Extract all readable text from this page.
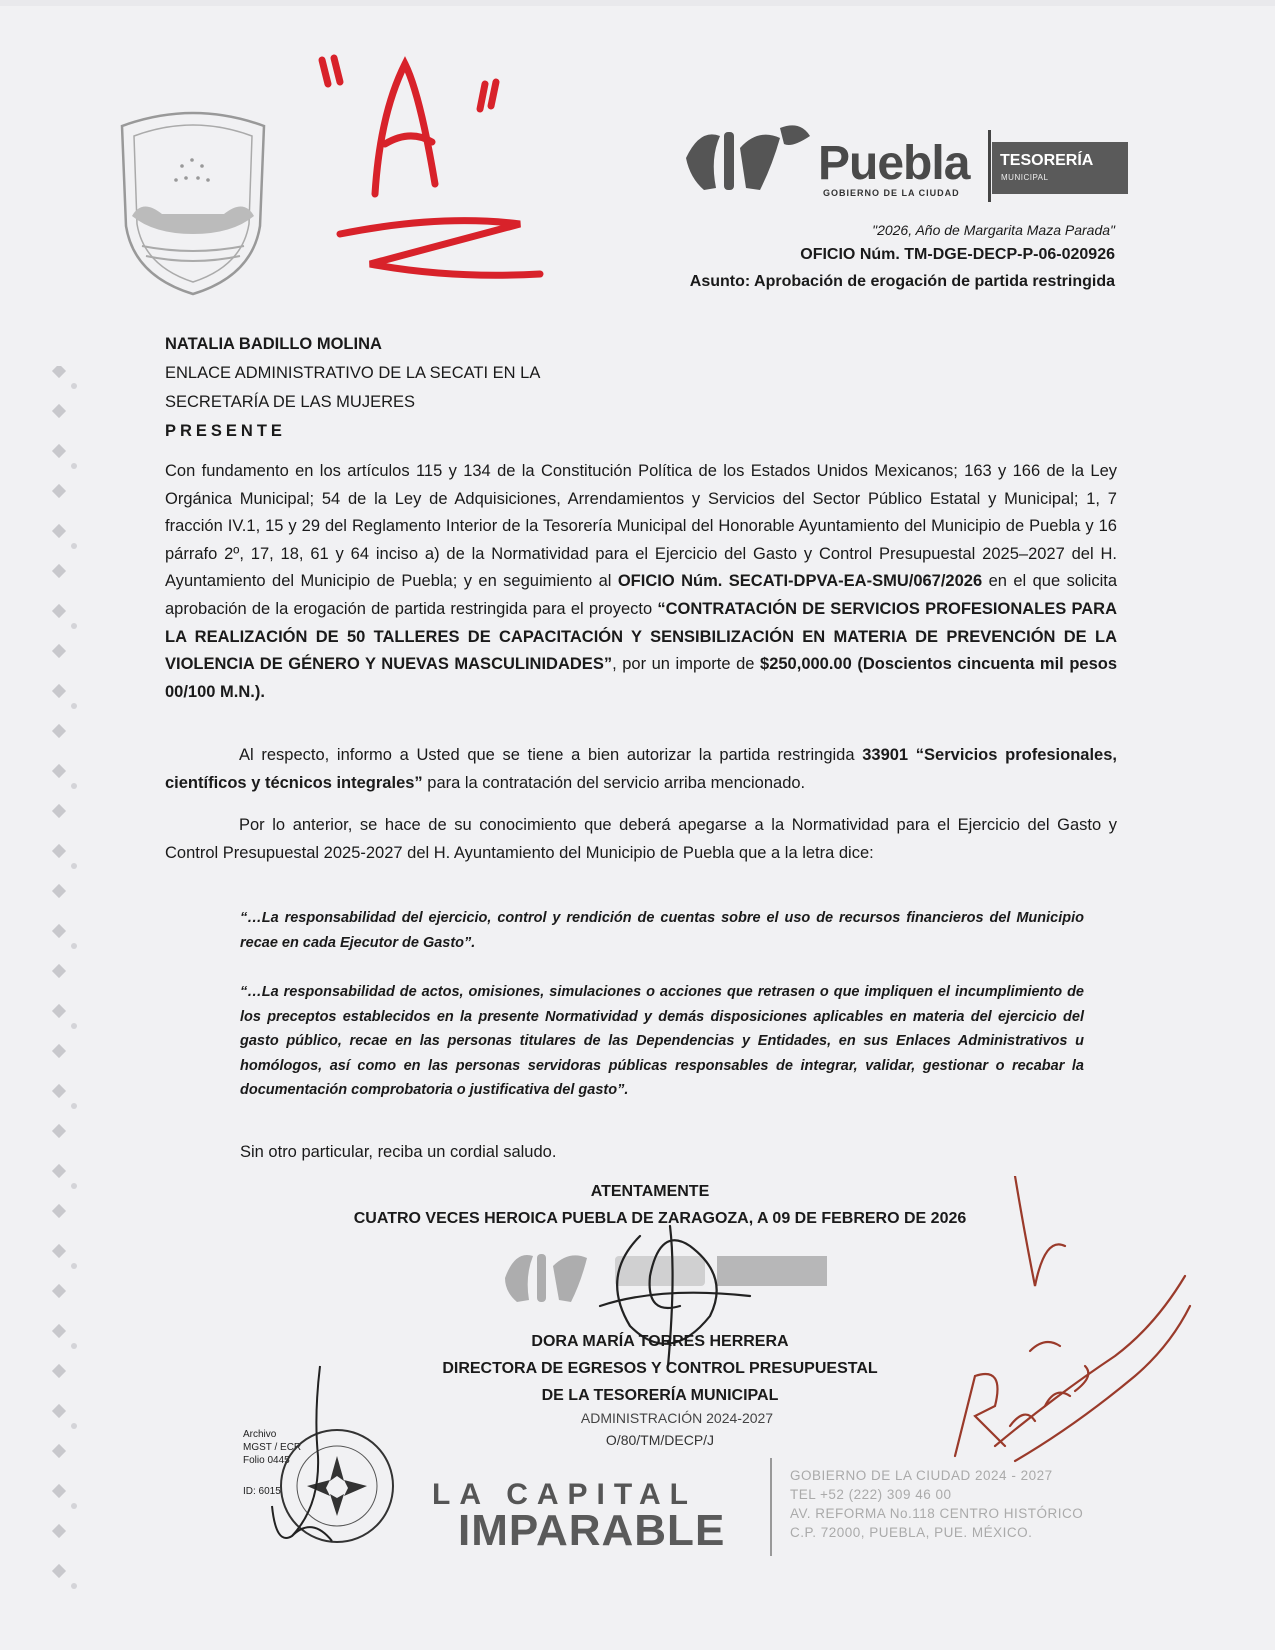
Puebla
GOBIERNO DE LA CIUDAD
TESORERÍA
MUNICIPAL
"2026, Año de Margarita Maza Parada"
OFICIO Núm. TM-DGE-DECP-P-06-020926
Asunto: Aprobación de erogación de partida restringida
NATALIA BADILLO MOLINA
ENLACE ADMINISTRATIVO DE LA SECATI EN LA
SECRETARÍA DE LAS MUJERES
PRESENTE
Con fundamento en los artículos 115 y 134 de la Constitución Política de los Estados Unidos Mexicanos; 163 y 166 de la Ley Orgánica Municipal; 54 de la Ley de Adquisiciones, Arrendamientos y Servicios del Sector Público Estatal y Municipal; 1, 7 fracción IV.1, 15 y 29 del Reglamento Interior de la Tesorería Municipal del Honorable Ayuntamiento del Municipio de Puebla y 16 párrafo 2º, 17, 18, 61 y 64 inciso a) de la Normatividad para el Ejercicio del Gasto y Control Presupuestal 2025–2027 del H. Ayuntamiento del Municipio de Puebla; y en seguimiento al OFICIO Núm. SECATI-DPVA-EA-SMU/067/2026 en el que solicita aprobación de la erogación de partida restringida para el proyecto “CONTRATACIÓN DE SERVICIOS PROFESIONALES PARA LA REALIZACIÓN DE 50 TALLERES DE CAPACITACIÓN Y SENSIBILIZACIÓN EN MATERIA DE PREVENCIÓN DE LA VIOLENCIA DE GÉNERO Y NUEVAS MASCULINIDADES”, por un importe de $250,000.00 (Doscientos cincuenta mil pesos 00/100 M.N.).
Al respecto, informo a Usted que se tiene a bien autorizar la partida restringida 33901 “Servicios profesionales, científicos y técnicos integrales” para la contratación del servicio arriba mencionado.
Por lo anterior, se hace de su conocimiento que deberá apegarse a la Normatividad para el Ejercicio del Gasto y Control Presupuestal 2025-2027 del H. Ayuntamiento del Municipio de Puebla que a la letra dice:
“…La responsabilidad del ejercicio, control y rendición de cuentas sobre el uso de recursos financieros del Municipio recae en cada Ejecutor de Gasto”.
“…La responsabilidad de actos, omisiones, simulaciones o acciones que retrasen o que impliquen el incumplimiento de los preceptos establecidos en la presente Normatividad y demás disposiciones aplicables en materia del ejercicio del gasto público, recae en las personas titulares de las Dependencias y Entidades, en sus Enlaces Administrativos u homólogos, así como en las personas servidoras públicas responsables de integrar, validar, gestionar o recabar la documentación comprobatoria o justificativa del gasto”.
Sin otro particular, reciba un cordial saludo.
ATENTAMENTE
CUATRO VECES HEROICA PUEBLA DE ZARAGOZA, A 09 DE FEBRERO DE 2026
DORA MARÍA TORRES HERRERA
DIRECTORA DE EGRESOS Y CONTROL PRESUPUESTAL
DE LA TESORERÍA MUNICIPAL
ADMINISTRACIÓN 2024-2027
O/80/TM/DECP/J
Archivo
MGST / ECR
Folio 0445
ID: 6015	LA CAPITAL
IMPARABLE
GOBIERNO DE LA CIUDAD 2024 - 2027
TEL +52 (222) 309 46 00
AV. REFORMA No.118 CENTRO HISTÓRICO
C.P. 72000, PUEBLA, PUE. MÉXICO.
